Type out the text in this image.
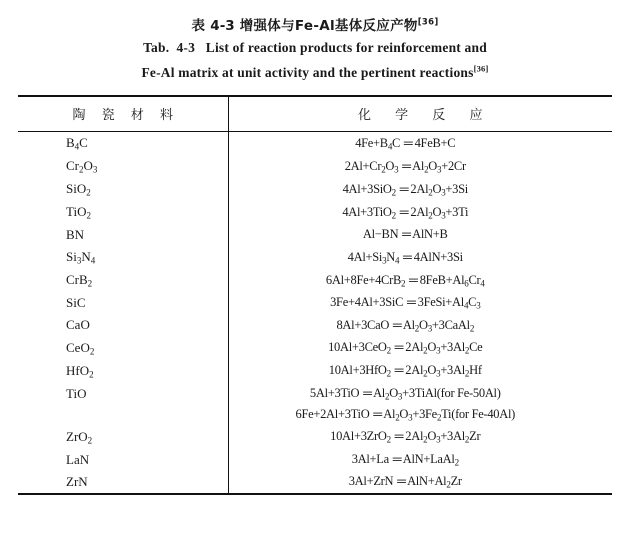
表 4-3 增强体与Fe-Al基体反应产物[36]
Tab. 4-3 List of reaction products for reinforcement and
Fe-Al matrix at unit activity and the pertinent reactions[36]

陶 瓷 材 料	化 学 反 应

$B_4C$	$4Fe+B_4C$ ═ 4FeB+C
$Cr_2O_3$	$2Al+Cr_2O_3$ ═ $Al_2O_3+2Cr$
SiO$_2$	4Al+3SiO$_2$ ═ $2Al_2O_3+3Si$
TiO$_2$	4Al+3TiO$_2$ ═ $2Al_2O_3+3Ti$
BN	Al−BN ═ AlN+B
$Si_3N_4$	$4Al+Si_3N_4$ ═ 4AlN+3Si
CrB$_2$	6Al+8Fe+4CrB$_2$ ═ $8FeB+Al_6Cr_4$
SiC	3Fe+4Al+3SiC ═ $3FeSi+Al_4C_3$
CaO	8Al+3CaO ═ $Al_2O_3+3CaAl_2$
CeO$_2$	10Al+3CeO$_2$ ═ $2Al_2O_3+3Al_2Ce$
HfO$_2$	10Al+3HfO$_2$ ═ $2Al_2O_3+3Al_2Hf$
TiO	5Al+3TiO ═ $Al_2O_3+3TiAl(for$ Fe-50Al)
	6Fe+2Al+3TiO ═ $Al_2O_3+3Fe_2Ti(for$ Fe-40Al)
ZrO$_2$	10Al+3ZrO$_2$ ═ $2Al_2O_3+3Al_2Zr$
LaN	3Al+La ═ AlN+LaAl$_2$
ZrN	3Al+ZrN ═ $AlN+Al_2Zr$
